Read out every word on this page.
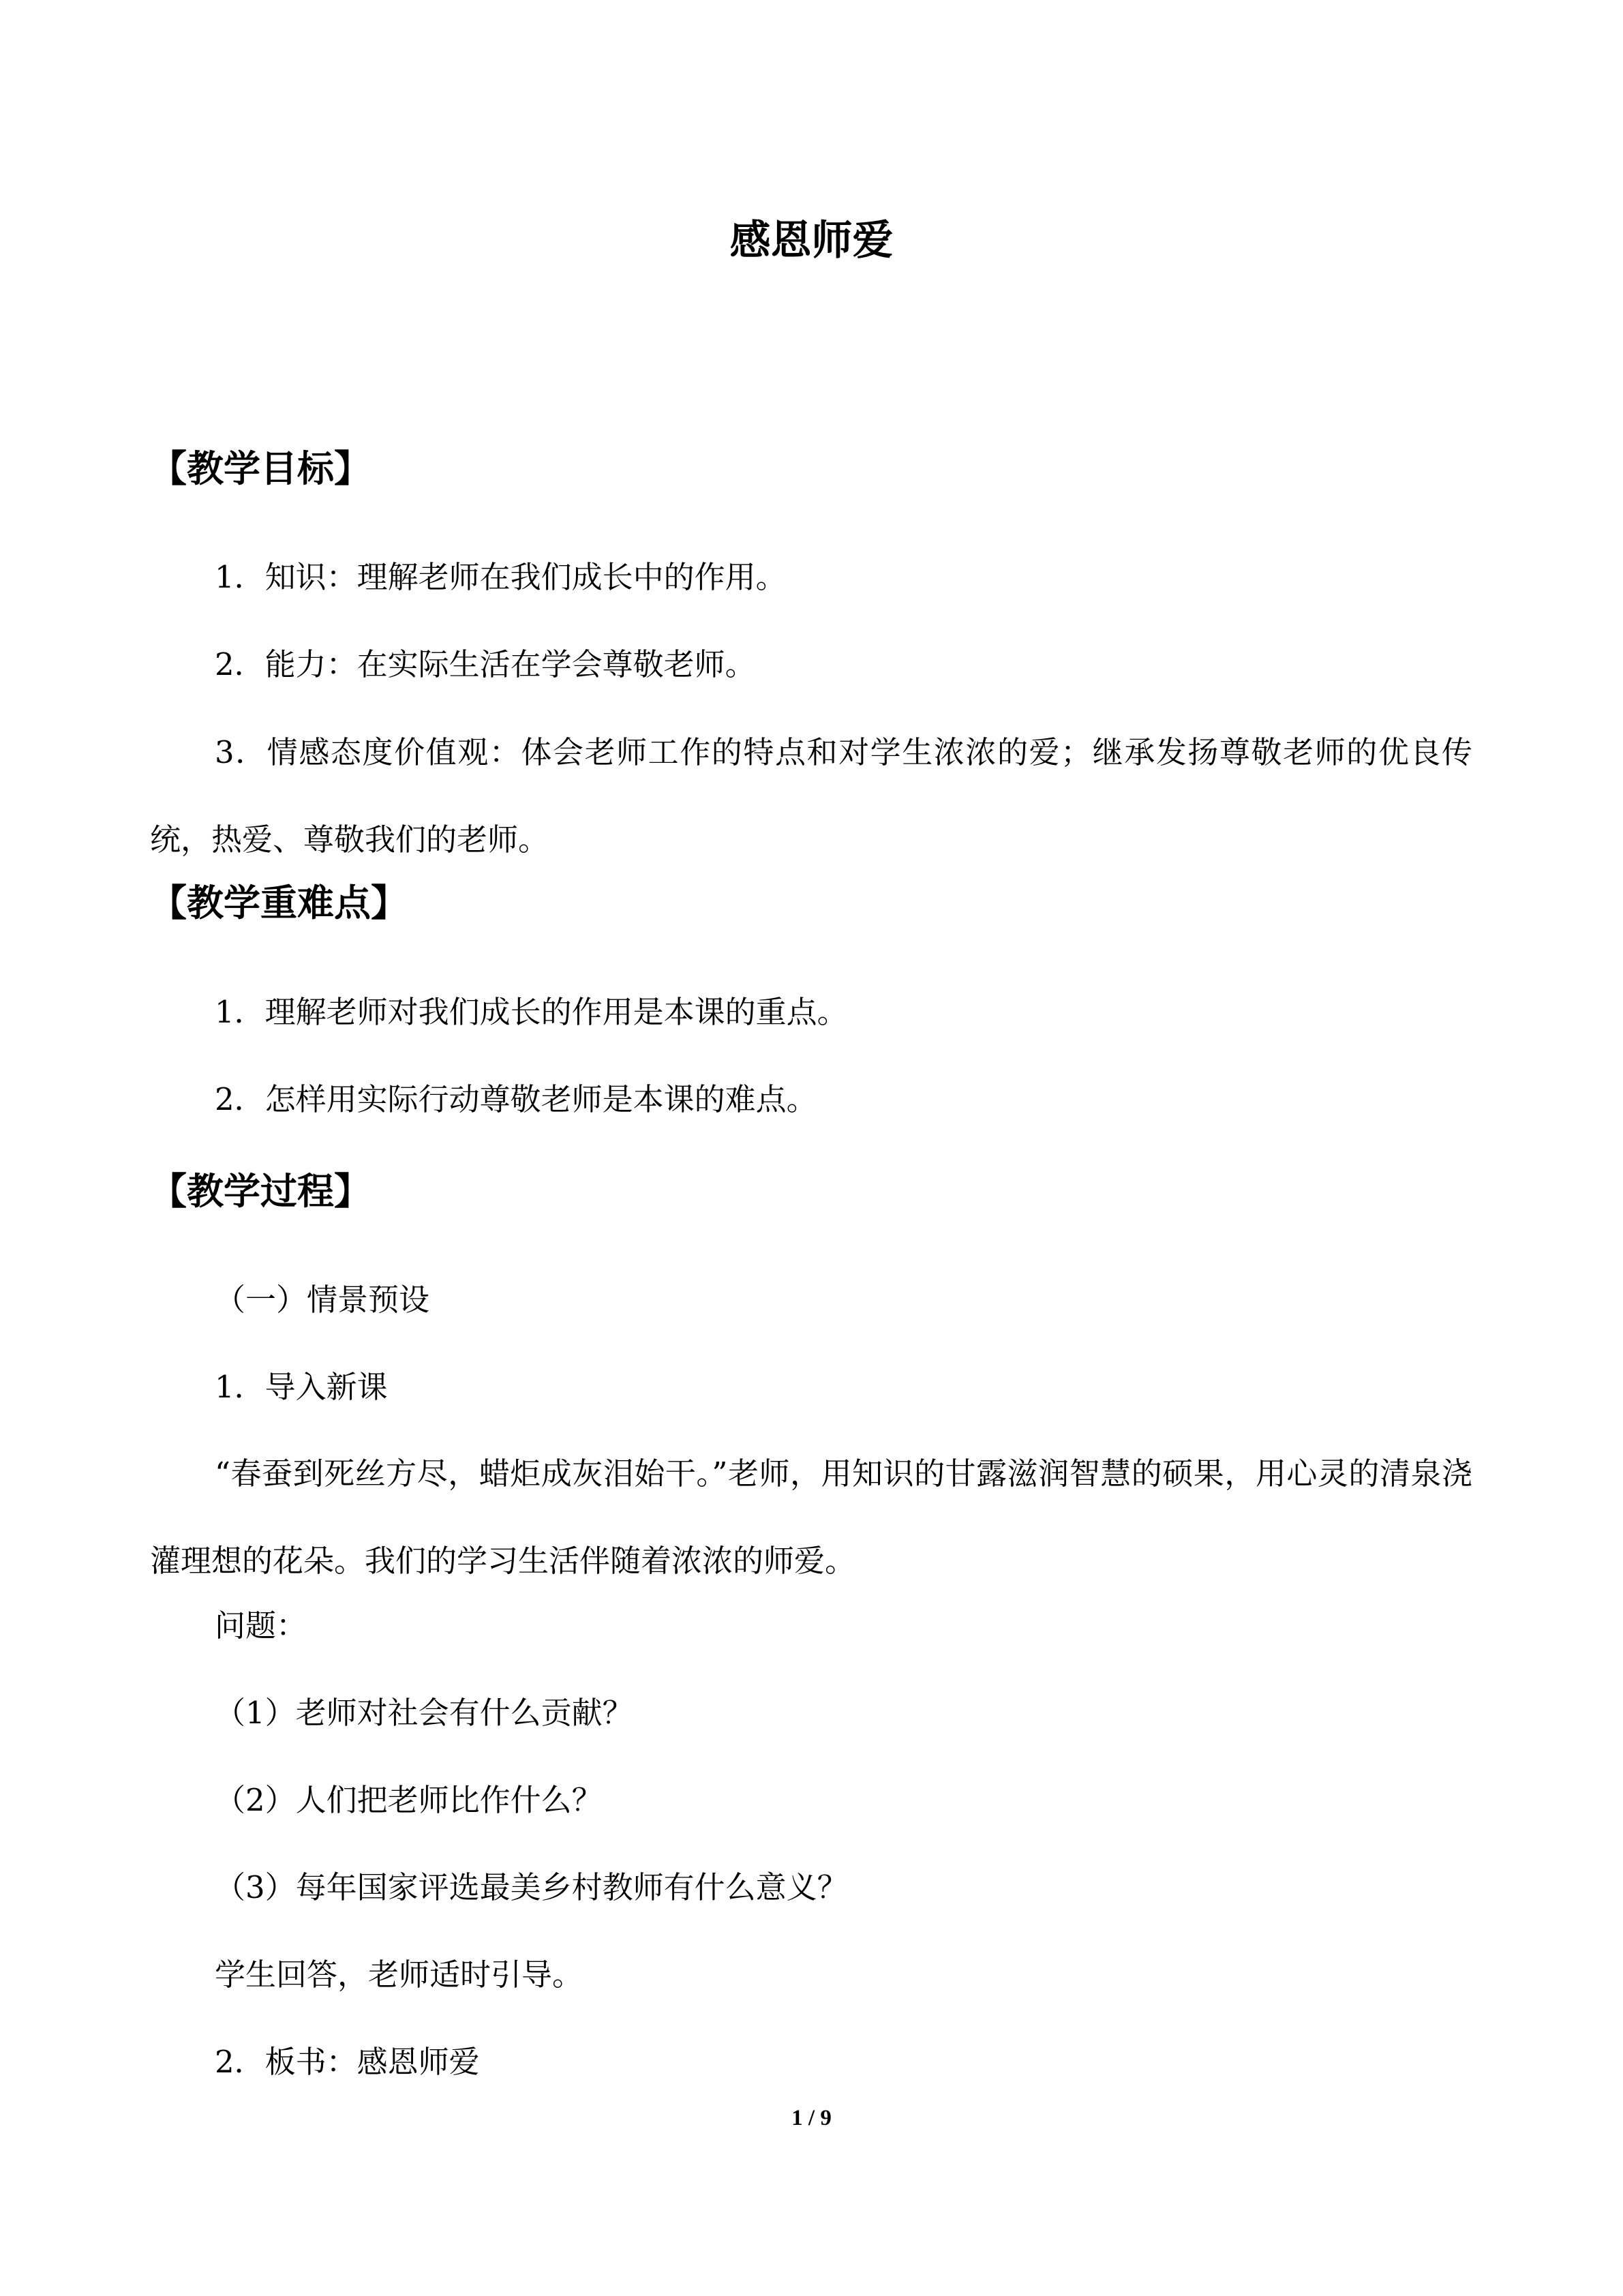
感恩师爱
【教学目标】

1．知识：理解老师在我们成长中的作用。

2．能力：在实际生活在学会尊敬老师。

3．情感态度价值观：体会老师工作的特点和对学生浓浓的爱；继承发扬尊敬老师的优良传统，热爱、尊敬我们的老师。

【教学重难点】

1．理解老师对我们成长的作用是本课的重点。

2．怎样用实际行动尊敬老师是本课的难点。

【教学过程】

（一）情景预设

1．导入新课

“春蚕到死丝方尽，蜡炬成灰泪始干。”老师，用知识的甘露滋润智慧的硕果，用心灵的清泉浇灌理想的花朵。我们的学习生活伴随着浓浓的师爱。

问题：

（1）老师对社会有什么贡献？

（2）人们把老师比作什么？

（3）每年国家评选最美乡村教师有什么意义？

学生回答，老师适时引导。

2．板书：感恩师爱

1 / 9
